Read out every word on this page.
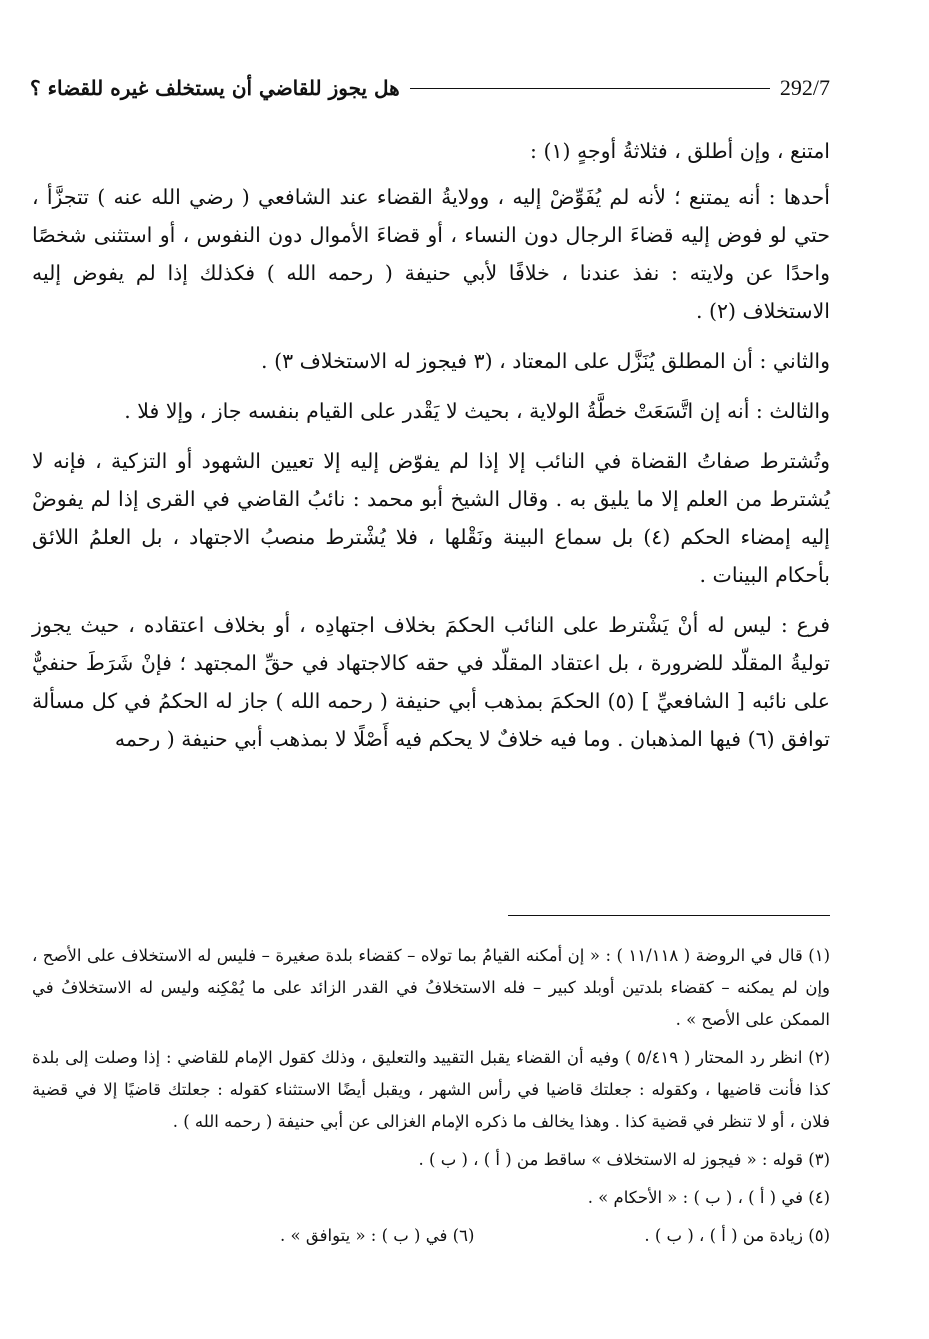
292/7
هل يجوز للقاضي أن يستخلف غيره للقضاء ؟

امتنع ، وإن أطلق ، فثلاثةُ أوجهٍ (١) :

أحدها : أنه يمتنع ؛ لأنه لم يُفَوِّضْ إليه ، وولايةُ القضاء عند الشافعي ( رضي الله عنه ) تتجزَّأ ، حتي لو فوض إليه قضاءَ الرجال دون النساء ، أو قضاءَ الأموال دون النفوس ، أو استثنى شخصًا واحدًا عن ولايته : نفذ عندنا ، خلافًا لأبي حنيفة ( رحمه الله ) فكذلك إذا لم يفوض إليه الاستخلاف (٢) .

والثاني : أن المطلق يُنَزَّل على المعتاد ، (٣ فيجوز له الاستخلاف ٣) .

والثالث : أنه إن اتَّسَعَتْ خطَّةُ الولاية ، بحيث لا يَقْدر على القيام بنفسه جاز ، وإلا فلا .

وتُشترط صفاتُ القضاة في النائب إلا إذا لم يفوّض إليه إلا تعيين الشهود أو التزكية ، فإنه لا يُشترط من العلم إلا ما يليق به . وقال الشيخ أبو محمد : نائبُ القاضي في القرى إذا لم يفوضْ إليه إمضاء الحكم (٤) بل سماع البينة ونَقْلها ، فلا يُشْترط منصبُ الاجتهاد ، بل العلمُ اللائق بأحكام البينات .

فرع : ليس له أنْ يَشْترط على النائب الحكمَ بخلاف اجتهادِه ، أو بخلاف اعتقاده ، حيث يجوز توليةُ المقلّد للضرورة ، بل اعتقاد المقلّد في حقه كالاجتهاد في حقِّ المجتهد ؛ فإنْ شَرَطَ حنفيٌّ على نائبه [ الشافعيِّ ] (٥) الحكمَ بمذهب أبي حنيفة ( رحمه الله ) جاز له الحكمُ في كل مسألة توافق (٦) فيها المذهبان . وما فيه خلافٌ لا يحكم فيه أَصْلًا لا بمذهب أبي حنيفة ( رحمه

(١) قال في الروضة ( ١١/١١٨ ) : « إن أمكنه القيامُ بما تولاه – كقضاء بلدة صغيرة – فليس له الاستخلاف على الأصح ، وإن لم يمكنه – كقضاء بلدتين أوبلد كبير – فله الاستخلافُ في القدر الزائد على ما يُمْكِنه وليس له الاستخلافُ في الممكن على الأصح » .

(٢) انظر رد المحتار ( ٥/٤١٩ ) وفيه أن القضاء يقبل التقييد والتعليق ، وذلك كقول الإمام للقاضي : إذا وصلت إلى بلدة كذا فأنت قاضيها ، وكقوله : جعلتك قاضيا في رأس الشهر ، ويقبل أيضًا الاستثناء كقوله : جعلتك قاضيًا إلا في قضية فلان ، أو لا تنظر في قضية كذا . وهذا يخالف ما ذكره الإمام الغزالى عن أبي حنيفة ( رحمه الله ) .

(٣) قوله : « فيجوز له الاستخلاف » ساقط من ( أ ) ، ( ب ) .

(٤) في ( أ ) ، ( ب ) : « الأحكام » .

(٥) زيادة من ( أ ) ، ( ب ) .
(٦) في ( ب ) : « يتوافق » .
